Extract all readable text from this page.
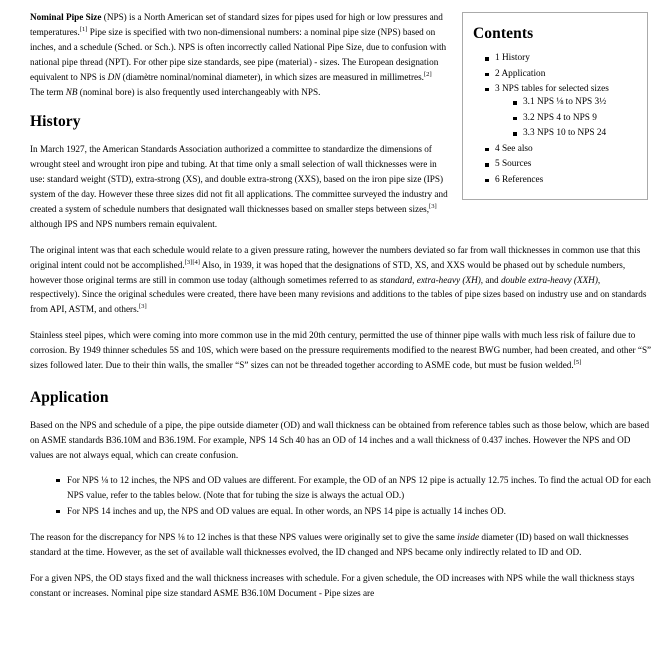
Contents
1 History
2 Application
3 NPS tables for selected sizes
3.1 NPS ⅛ to NPS 3½
3.2 NPS 4 to NPS 9
3.3 NPS 10 to NPS 24
4 See also
5 Sources
6 References

Nominal Pipe Size (NPS) is a North American set of standard sizes for pipes used for high or low pressures and temperatures.[1] Pipe size is specified with two non-dimensional numbers: a nominal pipe size (NPS) based on inches, and a schedule (Sched. or Sch.). NPS is often incorrectly called National Pipe Size, due to confusion with national pipe thread (NPT). For other pipe size standards, see pipe (material) - sizes. The European designation equivalent to NPS is DN (diamètre nominal/nominal diameter), in which sizes are measured in millimetres.[2] The term NB (nominal bore) is also frequently used interchangeably with NPS.

History

In March 1927, the American Standards Association authorized a committee to standardize the dimensions of wrought steel and wrought iron pipe and tubing. At that time only a small selection of wall thicknesses were in use: standard weight (STD), extra-strong (XS), and double extra-strong (XXS), based on the iron pipe size (IPS) system of the day. However these three sizes did not fit all applications. The committee surveyed the industry and created a system of schedule numbers that designated wall thicknesses based on smaller steps between sizes,[3] although IPS and NPS numbers remain equivalent.

The original intent was that each schedule would relate to a given pressure rating, however the numbers deviated so far from wall thicknesses in common use that this original intent could not be accomplished.[3][4] Also, in 1939, it was hoped that the designations of STD, XS, and XXS would be phased out by schedule numbers, however those original terms are still in common use today (although sometimes referred to as standard, extra-heavy (XH), and double extra-heavy (XXH), respectively). Since the original schedules were created, there have been many revisions and additions to the tables of pipe sizes based on industry use and on standards from API, ASTM, and others.[3]

Stainless steel pipes, which were coming into more common use in the mid 20th century, permitted the use of thinner pipe walls with much less risk of failure due to corrosion. By 1949 thinner schedules 5S and 10S, which were based on the pressure requirements modified to the nearest BWG number, had been created, and other “S” sizes followed later. Due to their thin walls, the smaller “S” sizes can not be threaded together according to ASME code, but must be fusion welded.[5]

Application

Based on the NPS and schedule of a pipe, the pipe outside diameter (OD) and wall thickness can be obtained from reference tables such as those below, which are based on ASME standards B36.10M and B36.19M. For example, NPS 14 Sch 40 has an OD of 14 inches and a wall thickness of 0.437 inches. However the NPS and OD values are not always equal, which can create confusion.

For NPS ⅛ to 12 inches, the NPS and OD values are different. For example, the OD of an NPS 12 pipe is actually 12.75 inches. To find the actual OD for each NPS value, refer to the tables below. (Note that for tubing the size is always the actual OD.)
For NPS 14 inches and up, the NPS and OD values are equal. In other words, an NPS 14 pipe is actually 14 inches OD.

The reason for the discrepancy for NPS ⅛ to 12 inches is that these NPS values were originally set to give the same inside diameter (ID) based on wall thicknesses standard at the time. However, as the set of available wall thicknesses evolved, the ID changed and NPS became only indirectly related to ID and OD.

For a given NPS, the OD stays fixed and the wall thickness increases with schedule. For a given schedule, the OD increases with NPS while the wall thickness stays constant or increases. Nominal pipe size standard ASME B36.10M Document - Pipe sizes are
